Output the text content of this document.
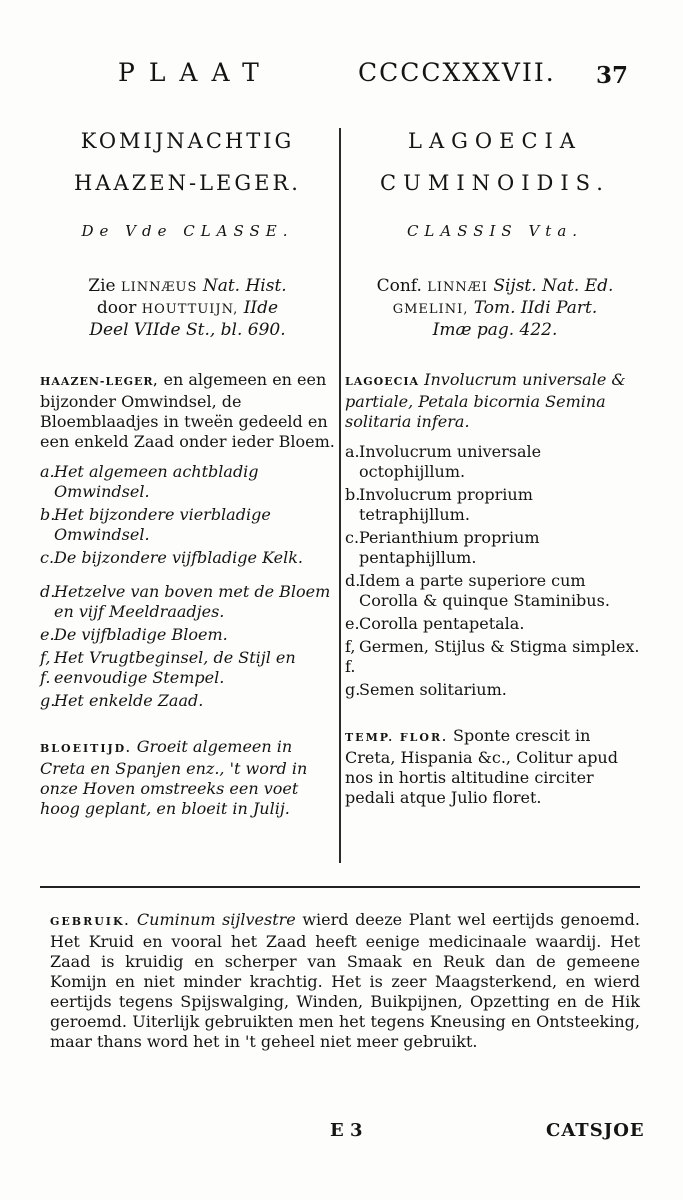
PLAAT	CCCCXXXVII. 37
KOMIJNACHTIG
HAAZEN-LEGER.
De Vde CLASSE.
Zie LINNÆUS Nat. Hist.
door HOUTTUIJN, IIde
Deel VIIde St., bl. 690.
HAAZEN-LEGER, en algemeen en een bijzonder Omwindsel, de Bloemblaadjes in tweën gedeeld en een enkeld Zaad onder ieder Bloem.
a. Het algemeen achtbladig Omwindsel.
b.
Het bijzondere vierbladige Omwindsel.
c. De bijzondere vijfbladige Kelk.
d.
Hetzelve van boven met de Bloem en vijf Meeldraadjes.
e. De vijfbladige Bloem.
f, f.
Het Vrugtbeginsel, de Stijl en eenvoudige Stempel.
g.
Het enkelde Zaad.
BLOEITIJD. Groeit algemeen in Creta en Spanjen enz., 't word in onze Hoven omstreeks een voet hoog geplant, en bloeit in Julij.
LAGOECIA
CUMINOIDIS.
CLASSIS Vta.
Conf. LINNÆI Sijst. Nat. Ed.
GMELINI, Tom. IIdi Part.
Imæ pag. 422.
LAGOECIA Involucrum universale & partiale, Petala bicornia Semina solitaria infera.
a. Involucrum universale octophijllum.
b.
Involucrum proprium tetraphijllum.
c. Perianthium proprium pentaphijllum.
d.
Idem a parte superiore cum Corolla & quinque Staminibus.
e. Corolla pentapetala.
f, f.
Germen, Stijlus & Stigma simplex.
g.
Semen solitarium.
TEMP. FLOR. Sponte crescit in Creta, Hispania &c., Colitur apud nos in hortis altitudine circiter pedali atque Julio floret.
GEBRUIK. Cuminum sijlvestre wierd deeze Plant wel eertijds genoemd. Het Kruid en vooral het Zaad heeft eenige medicinaale waardij. Het Zaad is kruidig en scherper van Smaak en Reuk dan de gemeene Komijn en niet minder krachtig. Het is zeer Maagsterkend, en wierd eertijds tegens Spijswalging, Winden, Buikpijnen, Opzetting en de Hik geroemd. Uiterlijk gebruikten men het tegens Kneusing en Ontsteeking, maar thans word het in 't geheel niet meer gebruikt.
E 3	CATSJOE
